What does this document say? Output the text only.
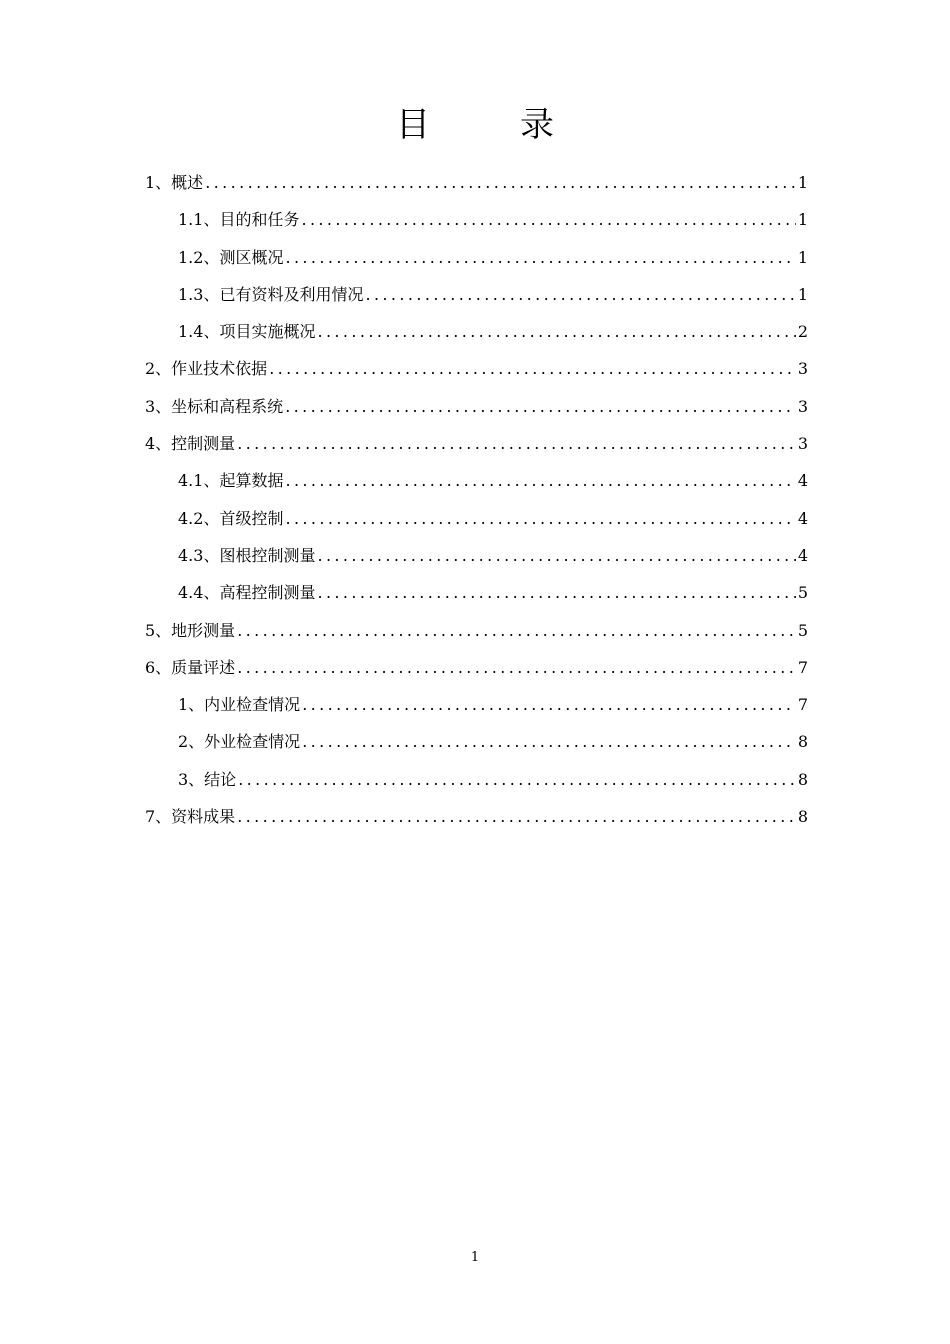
目　录
1、概述 .....	1
1.1、目的和任务 .....	1
1.2、测区概况 .....	1
1.3、已有资料及利用情况 .....	1
1.4、项目实施概况 .....	2
2、作业技术依据 .....	3
3、坐标和高程系统 .....	3
4、控制测量 .....	3
4.1、起算数据 .....	4
4.2、首级控制 .....	4
4.3、图根控制测量 .....	4
4.4、高程控制测量 .....	5
5、地形测量 .....	5
6、质量评述 .....	7
1、内业检查情况 .....	7
2、外业检查情况 .....	8
3、结论 .....	8
7、资料成果 .....	8
1
